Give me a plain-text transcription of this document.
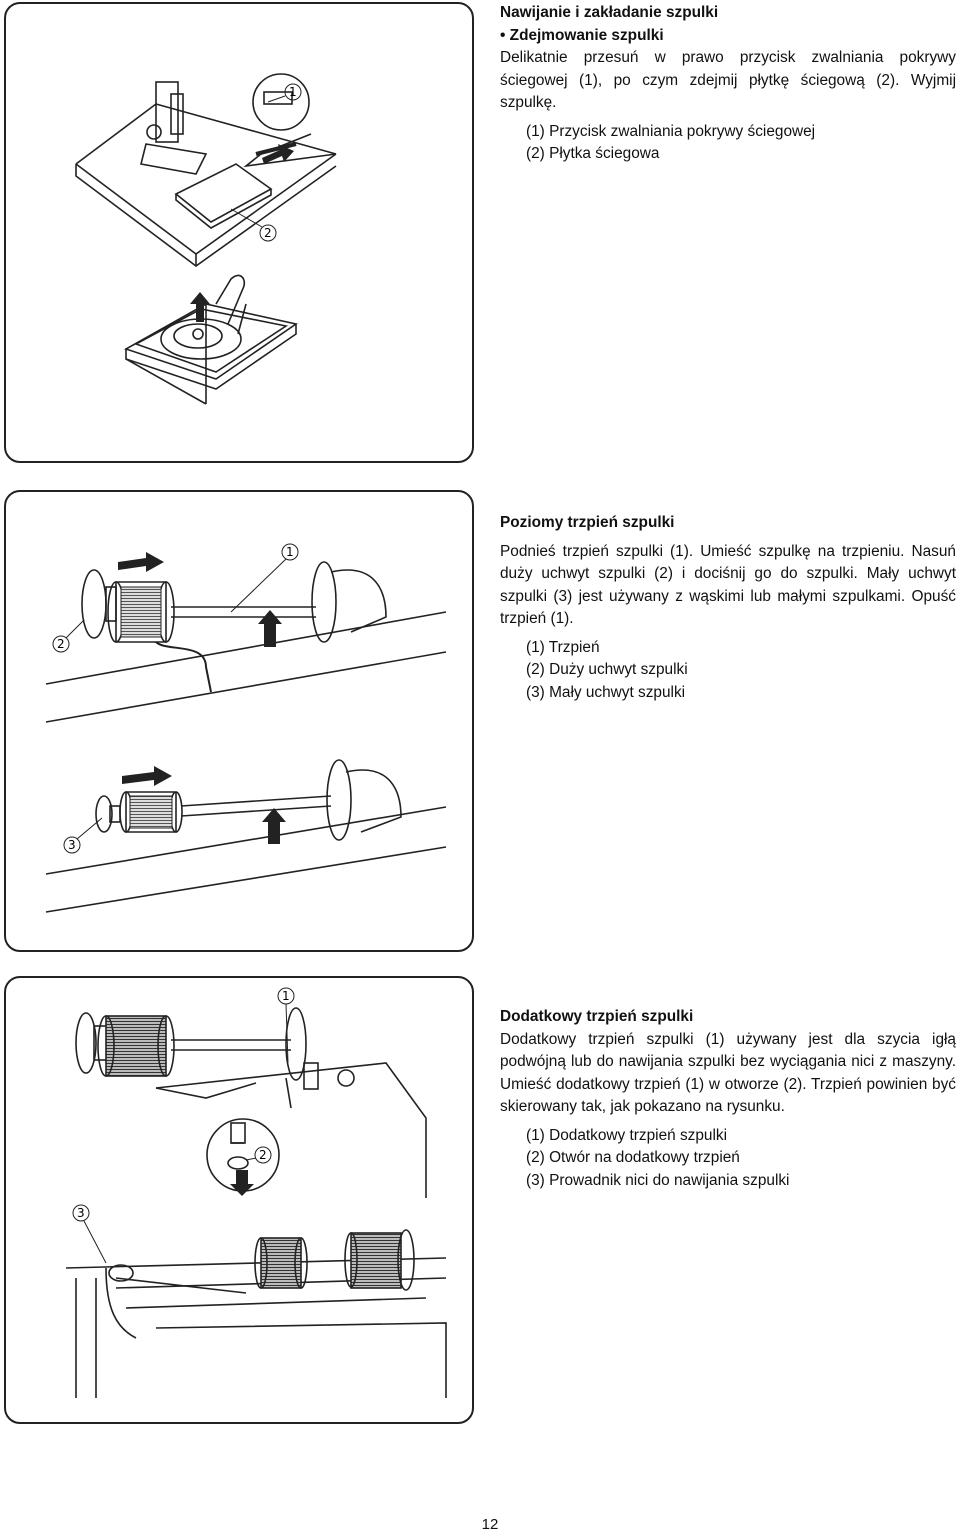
1
2

Nawijanie i zakładanie szpulki

• Zdejmowanie szpulki

Delikatnie przesuń w prawo przycisk zwalniania pokrywy ściegowej (1), po czym zdejmij płytkę ściegową (2). Wyjmij szpulkę.

(1) Przycisk zwalniania pokrywy ściegowej

(2) Płytka ściegowa

1
2
3

Poziomy trzpień szpulki

Podnieś trzpień szpulki (1). Umieść szpulkę na trzpieniu. Nasuń duży uchwyt szpulki (2) i dociśnij go do szpulki. Mały uchwyt szpulki (3) jest używany z wąskimi lub małymi szpulkami. Opuść trzpień (1).

(1) Trzpień

(2) Duży uchwyt szpulki

(3) Mały uchwyt szpulki

1
2
3

Dodatkowy trzpień szpulki

Dodatkowy trzpień szpulki (1) używany jest dla szycia igłą podwójną lub do nawijania szpulki bez wyciągania nici z maszyny. Umieść dodatkowy trzpień (1) w otworze (2). Trzpień powinien być skierowany tak, jak pokazano na rysunku.

(1) Dodatkowy trzpień szpulki

(2) Otwór na dodatkowy trzpień

(3) Prowadnik nici do nawijania szpulki

12
